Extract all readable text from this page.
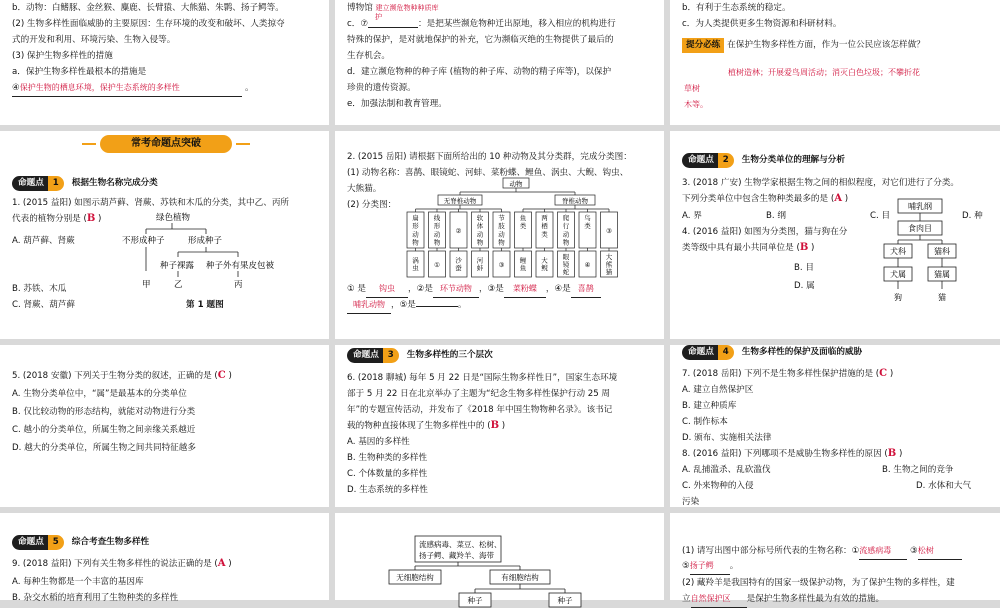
b．动物：白鳍豚、金丝猴、麋鹿、长臂猿、大熊猫、朱鹮、扬子鳄等。
(2) 生物多样性面临威胁的主要原因：生存环境的改变和破坏、人类掠夺
式的开发和利用、环境污染、生物入侵等。
(3) 保护生物多样性的措施
a．保护生物多样性最根本的措施是
④保护生物的栖息环境，保护生态系统的多样性	。
博物馆 建立濒危物种种质库
护
c．⑦	：是把某些濒危物种迁出原地，移入相应的机构进行
特殊的保护，是对就地保护的补充，它为濒临灭绝的生物提供了最后的
生存机会。
d．建立濒危物种的种子库 (植物的种子库、动物的精子库等)，以保护
珍贵的遗传资源。
e．加强法制和教育管理。
b．有利于生态系统的稳定。
c．为人类提供更多生物资源和科研材料。
提分必练 在保护生物多样性方面，作为一位公民应该怎样做？
植树造林；开展爱鸟周活动；消灭白色垃圾；不攀折花
草树
木等。
常考命题点突破
命题点 1 根据生物名称完成分类
1. (2015 益阳) 如图示葫芦藓、肾蕨、苏铁和木瓜的分类，其中乙、丙所
代表的植物分别是 (B )
A. 葫芦藓、肾蕨
B. 苏铁、木瓜
C. 肾蕨、葫芦藓	第 1 题图
绿色植物
不形成种子	形成种子
种子裸露 种子外有果皮包被
甲	乙	丙
2. (2015 岳阳) 请根据下面所给出的 10 种动物及其分类群，完成分类图：
(1) 动物名称：喜鹊、眼镜蛇、河蚌、菜粉蝶、鲤鱼、涡虫、大鲵、钩虫、
大熊猫。
(2) 分类图：
动物
无脊椎动物	脊椎动物
扁形动物
涡虫
线形动物
①
②
沙蚕
软体动物
河蚌
节肢动物
③
鱼类
鲤鱼
两栖类
大鲵
爬行动物
眼镜蛇
鸟类
④
③
大熊猫
① 是 钩虫 ，②是 环节动物 ，③是 菜粉蝶 ，④是 喜鹊
哺乳动物 ，⑤是	。
命题点 2 生物分类单位的理解与分析
3. (2018 广安) 生物学家根据生物之间的相似程度，对它们进行了分类。
下列分类单位中包含生物种类最多的是 (A )
A. 界	B. 纲	C. 目	D. 种
4. (2016 益阳) 如图为分类图，猫与狗在分
类等级中具有最小共同单位是 (B )
B. 目
D. 属
哺乳纲
食肉目
犬科	猫科
犬属	猫属
狗	猫
5. (2018 安徽) 下列关于生物分类的叙述，正确的是 (C )
A. 生物分类单位中，“属”是最基本的分类单位
B. 仅比较动物的形态结构，就能对动物进行分类
C. 越小的分类单位，所属生物之间亲缘关系越近
D. 越大的分类单位，所属生物之间共同特征越多
命题点 3 生物多样性的三个层次
6. (2018 聊城) 每年 5 月 22 日是“国际生物多样性日”，国家生态环境
部于 5 月 22 日在北京举办了主题为“纪念生物多样性保护行动 25 周
年”的专题宣传活动，并发布了《2018 年中国生物物种名录》。该书记
载的物种直接体现了生物多样性中的 (B )
A. 基因的多样性
B. 生物种类的多样性
C. 个体数量的多样性
D. 生态系统的多样性
命题点 4 生物多样性的保护及面临的威胁
7. (2018 岳阳) 下列不是生物多样性保护措施的是 (C )
A. 建立自然保护区
B. 建立种质库
C. 制作标本
D. 颁布、实施相关法律
8. (2016 益阳) 下列哪项不是威胁生物多样性的原因 (B )
A. 乱捕滥杀、乱砍滥伐	B. 生物之间的竞争
C. 外来物种的入侵	D. 水体和大气
污染
命题点 5 综合考查生物多样性
9. (2018 益阳) 下列有关生物多样性的说法正确的是 (A )
A. 每种生物都是一个丰富的基因库
B. 杂交水稻的培育利用了生物种类的多样性
流感病毒、菜豆、松树、
扬子鳄、藏羚羊、海带
无细胞结构	有细胞结构
种子	种子
(1) 请写出图中部分标号所代表的生物名称：①流感病毒 ③松树
⑤扬子鳄 。
(2) 藏羚羊是我国特有的国家一级保护动物，为了保护生物的多样性，建
立自然保护区 是保护生物多样性最为有效的措施。
